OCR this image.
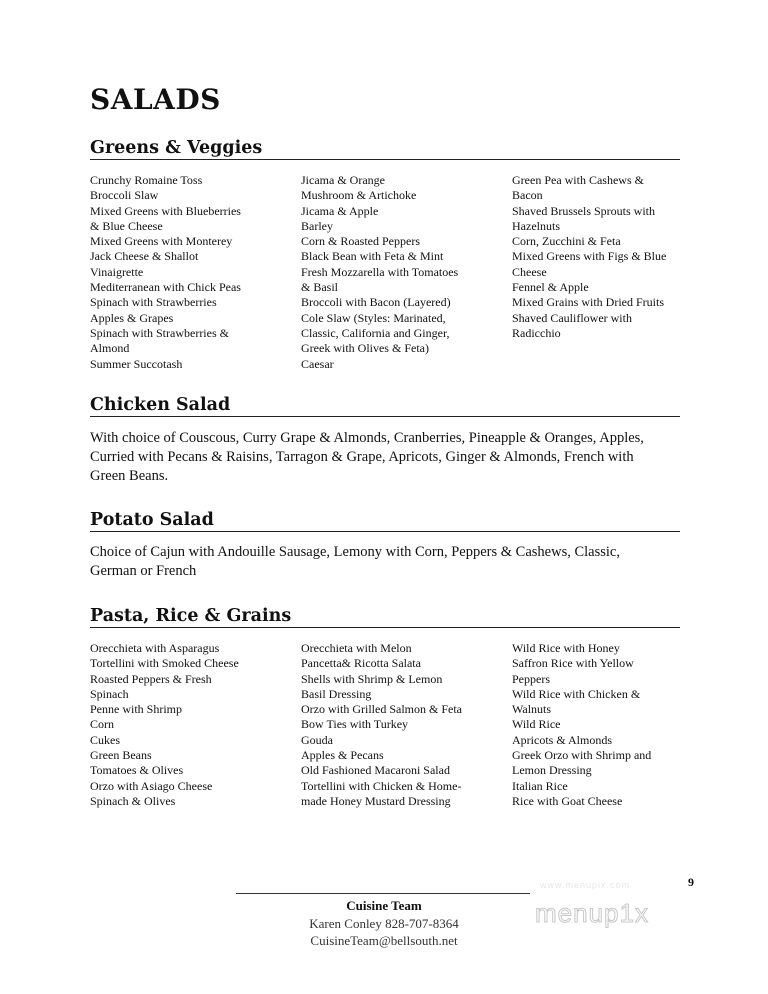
SALADS
Greens & Veggies
Crunchy Romaine Toss
Broccoli Slaw
Mixed Greens with Blueberries
& Blue Cheese
Mixed Greens with Monterey
Jack Cheese & Shallot
Vinaigrette
Mediterranean with Chick Peas
Spinach with Strawberries
Apples & Grapes
Spinach with Strawberries &
Almond
Summer Succotash
Jicama & Orange
Mushroom & Artichoke
Jicama & Apple
Barley
Corn & Roasted Peppers
Black Bean with Feta & Mint
Fresh Mozzarella with Tomatoes
& Basil
Broccoli with Bacon (Layered)
Cole Slaw (Styles: Marinated,
Classic, California and Ginger,
Greek with Olives & Feta)
Caesar
Green Pea with Cashews &
Bacon
Shaved Brussels Sprouts with
Hazelnuts
Corn, Zucchini & Feta
Mixed Greens with Figs & Blue
Cheese
Fennel & Apple
Mixed Grains with Dried Fruits
Shaved Cauliflower with
Radicchio
Chicken Salad
With choice of Couscous, Curry Grape & Almonds, Cranberries, Pineapple & Oranges, Apples,
Curried with Pecans & Raisins, Tarragon & Grape, Apricots, Ginger & Almonds, French with
Green Beans.
Potato Salad
Choice of Cajun with Andouille Sausage, Lemony with Corn, Peppers & Cashews, Classic,
German or French
Pasta, Rice & Grains
Orecchieta with Asparagus
Tortellini with Smoked Cheese
Roasted Peppers & Fresh
Spinach
Penne with Shrimp
Corn
Cukes
Green Beans
Tomatoes & Olives
Orzo with Asiago Cheese
Spinach & Olives
Orecchieta with Melon
Pancetta& Ricotta Salata
Shells with Shrimp & Lemon
Basil Dressing
Orzo with Grilled Salmon & Feta
Bow Ties with Turkey
Gouda
Apples & Pecans
Old Fashioned Macaroni Salad
Tortellini with Chicken & Home-
made Honey Mustard Dressing
Wild Rice with Honey
Saffron Rice with Yellow
Peppers
Wild Rice with Chicken &
Walnuts
Wild Rice
Apricots & Almonds
Greek Orzo with Shrimp and
Lemon Dressing
Italian Rice
Rice with Goat Cheese
9
www.menupix.com
menup1x
Cuisine Team
Karen Conley 828-707-8364
CuisineTeam@bellsouth.net
